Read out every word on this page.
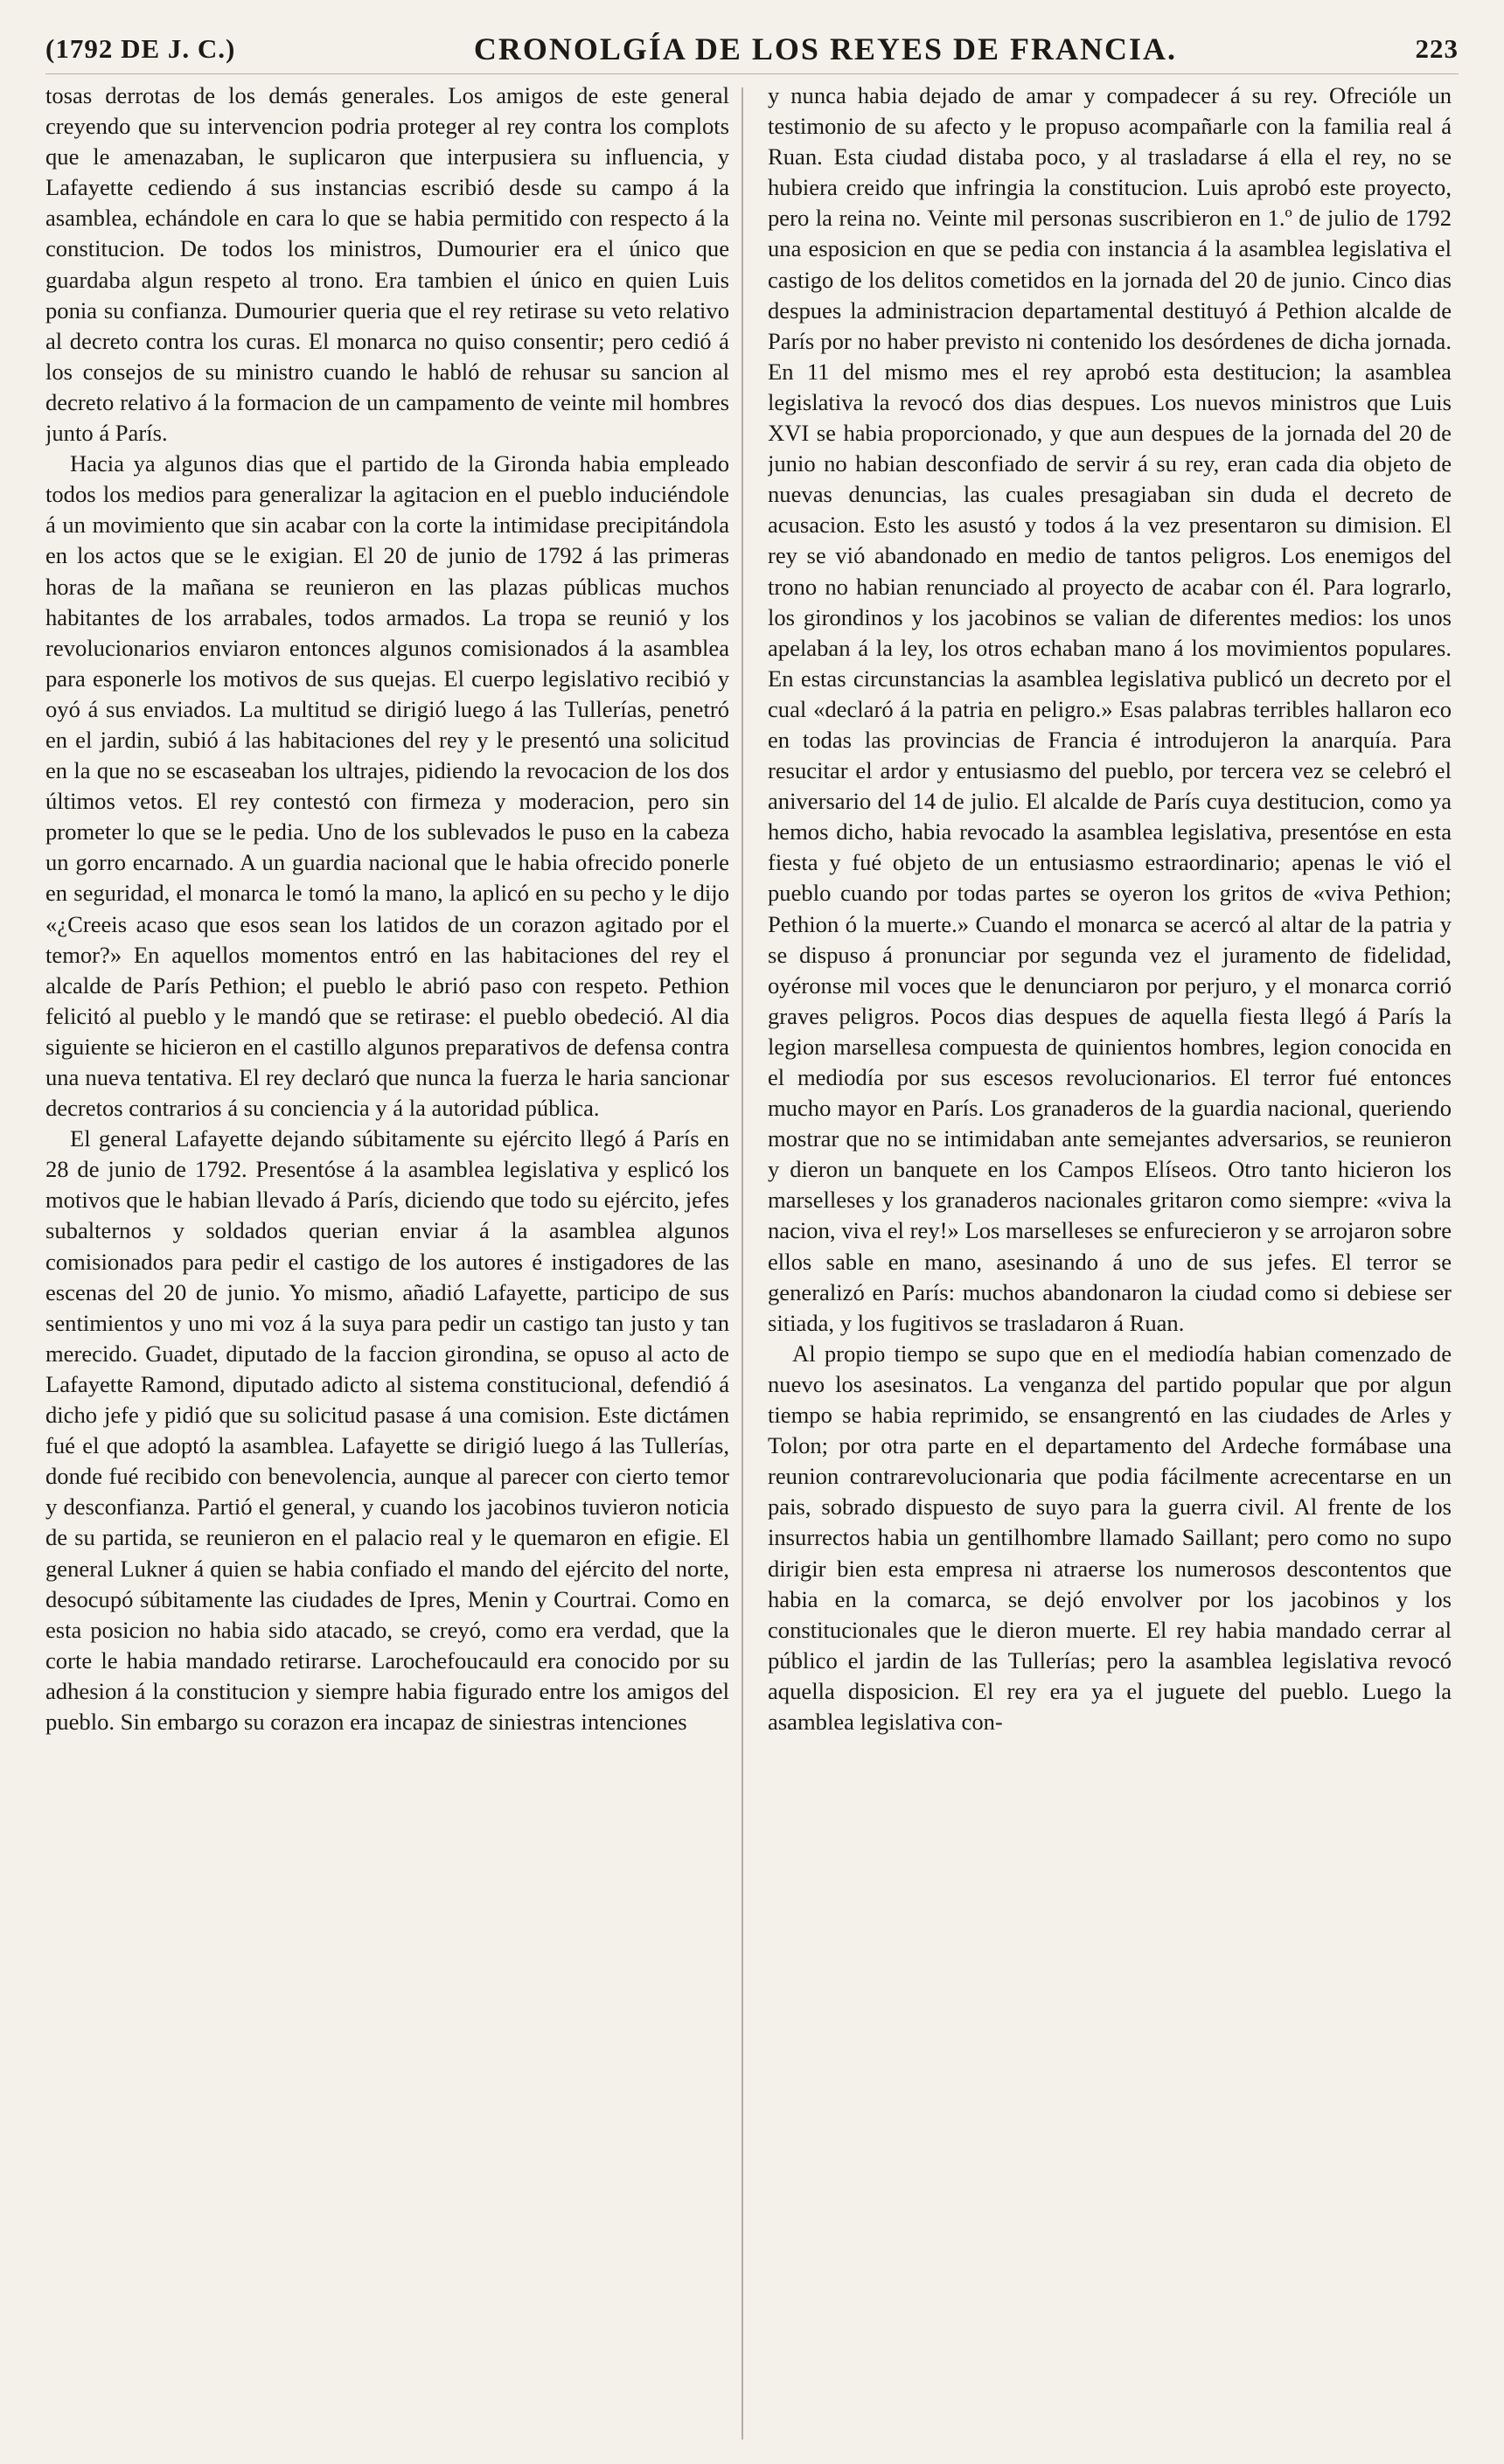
(1792 DE J. C.)	CRONOLGÍA DE LOS REYES DE FRANCIA.	223

tosas derrotas de los demás generales. Los amigos de este general creyendo que su intervencion podria proteger al rey contra los complots que le amenazaban, le suplicaron que interpusiera su influencia, y Lafayette cediendo á sus instancias escribió desde su campo á la asamblea, echándole en cara lo que se habia permitido con respecto á la constitucion. De todos los ministros, Dumourier era el único que guardaba algun respeto al trono. Era tambien el único en quien Luis ponia su confianza. Dumourier queria que el rey retirase su veto relativo al decreto contra los curas. El monarca no quiso consentir; pero cedió á los consejos de su ministro cuando le habló de rehusar su sancion al decreto relativo á la formacion de un campamento de veinte mil hombres junto á París.

Hacia ya algunos dias que el partido de la Gironda habia empleado todos los medios para generalizar la agitacion en el pueblo induciéndole á un movimiento que sin acabar con la corte la intimidase precipitándola en los actos que se le exigian. El 20 de junio de 1792 á las primeras horas de la mañana se reunieron en las plazas públicas muchos habitantes de los arrabales, todos armados. La tropa se reunió y los revolucionarios enviaron entonces algunos comisionados á la asamblea para esponerle los motivos de sus quejas. El cuerpo legislativo recibió y oyó á sus enviados. La multitud se dirigió luego á las Tullerías, penetró en el jardin, subió á las habitaciones del rey y le presentó una solicitud en la que no se escaseaban los ultrajes, pidiendo la revocacion de los dos últimos vetos. El rey contestó con firmeza y moderacion, pero sin prometer lo que se le pedia. Uno de los sublevados le puso en la cabeza un gorro encarnado. A un guardia nacional que le habia ofrecido ponerle en seguridad, el monarca le tomó la mano, la aplicó en su pecho y le dijo «¿Creeis acaso que esos sean los latidos de un corazon agitado por el temor?» En aquellos momentos entró en las habitaciones del rey el alcalde de París Pethion; el pueblo le abrió paso con respeto. Pethion felicitó al pueblo y le mandó que se retirase: el pueblo obedeció. Al dia siguiente se hicieron en el castillo algunos preparativos de defensa contra una nueva tentativa. El rey declaró que nunca la fuerza le haria sancionar decretos contrarios á su conciencia y á la autoridad pública.

El general Lafayette dejando súbitamente su ejército llegó á París en 28 de junio de 1792. Presentóse á la asamblea legislativa y esplicó los motivos que le habian llevado á París, diciendo que todo su ejército, jefes subalternos y soldados querian enviar á la asamblea algunos comisionados para pedir el castigo de los autores é instigadores de las escenas del 20 de junio. Yo mismo, añadió Lafayette, participo de sus sentimientos y uno mi voz á la suya para pedir un castigo tan justo y tan merecido. Guadet, diputado de la faccion girondina, se opuso al acto de Lafayette Ramond, diputado adicto al sistema constitucional, defendió á dicho jefe y pidió que su solicitud pasase á una comision. Este dictámen fué el que adoptó la asamblea. Lafayette se dirigió luego á las Tullerías, donde fué recibido con benevolencia, aunque al parecer con cierto temor y desconfianza. Partió el general, y cuando los jacobinos tuvieron noticia de su partida, se reunieron en el palacio real y le quemaron en efigie. El general Lukner á quien se habia confiado el mando del ejército del norte, desocupó súbitamente las ciudades de Ipres, Menin y Courtrai. Como en esta posicion no habia sido atacado, se creyó, como era verdad, que la corte le habia mandado retirarse. Larochefoucauld era conocido por su adhesion á la constitucion y siempre habia figurado entre los amigos del pueblo. Sin embargo su corazon era incapaz de siniestras intenciones

y nunca habia dejado de amar y compadecer á su rey. Ofrecióle un testimonio de su afecto y le propuso acompañarle con la familia real á Ruan. Esta ciudad distaba poco, y al trasladarse á ella el rey, no se hubiera creido que infringia la constitucion. Luis aprobó este proyecto, pero la reina no. Veinte mil personas suscribieron en 1.º de julio de 1792 una esposicion en que se pedia con instancia á la asamblea legislativa el castigo de los delitos cometidos en la jornada del 20 de junio. Cinco dias despues la administracion departamental destituyó á Pethion alcalde de París por no haber previsto ni contenido los desórdenes de dicha jornada. En 11 del mismo mes el rey aprobó esta destitucion; la asamblea legislativa la revocó dos dias despues. Los nuevos ministros que Luis XVI se habia proporcionado, y que aun despues de la jornada del 20 de junio no habian desconfiado de servir á su rey, eran cada dia objeto de nuevas denuncias, las cuales presagiaban sin duda el decreto de acusacion. Esto les asustó y todos á la vez presentaron su dimision. El rey se vió abandonado en medio de tantos peligros. Los enemigos del trono no habian renunciado al proyecto de acabar con él. Para lograrlo, los girondinos y los jacobinos se valian de diferentes medios: los unos apelaban á la ley, los otros echaban mano á los movimientos populares. En estas circunstancias la asamblea legislativa publicó un decreto por el cual «declaró á la patria en peligro.» Esas palabras terribles hallaron eco en todas las provincias de Francia é introdujeron la anarquía. Para resucitar el ardor y entusiasmo del pueblo, por tercera vez se celebró el aniversario del 14 de julio. El alcalde de París cuya destitucion, como ya hemos dicho, habia revocado la asamblea legislativa, presentóse en esta fiesta y fué objeto de un entusiasmo estraordinario; apenas le vió el pueblo cuando por todas partes se oyeron los gritos de «viva Pethion; Pethion ó la muerte.» Cuando el monarca se acercó al altar de la patria y se dispuso á pronunciar por segunda vez el juramento de fidelidad, oyéronse mil voces que le denunciaron por perjuro, y el monarca corrió graves peligros. Pocos dias despues de aquella fiesta llegó á París la legion marsellesa compuesta de quinientos hombres, legion conocida en el mediodía por sus escesos revolucionarios. El terror fué entonces mucho mayor en París. Los granaderos de la guardia nacional, queriendo mostrar que no se intimidaban ante semejantes adversarios, se reunieron y dieron un banquete en los Campos Elíseos. Otro tanto hicieron los marselleses y los granaderos nacionales gritaron como siempre: «viva la nacion, viva el rey!» Los marselleses se enfurecieron y se arrojaron sobre ellos sable en mano, asesinando á uno de sus jefes. El terror se generalizó en París: muchos abandonaron la ciudad como si debiese ser sitiada, y los fugitivos se trasladaron á Ruan.

Al propio tiempo se supo que en el mediodía habian comenzado de nuevo los asesinatos. La venganza del partido popular que por algun tiempo se habia reprimido, se ensangrentó en las ciudades de Arles y Tolon; por otra parte en el departamento del Ardeche formábase una reunion contrarevolucionaria que podia fácilmente acrecentarse en un pais, sobrado dispuesto de suyo para la guerra civil. Al frente de los insurrectos habia un gentilhombre llamado Saillant; pero como no supo dirigir bien esta empresa ni atraerse los numerosos descontentos que habia en la comarca, se dejó envolver por los jacobinos y los constitucionales que le dieron muerte. El rey habia mandado cerrar al público el jardin de las Tullerías; pero la asamblea legislativa revocó aquella disposicion. El rey era ya el juguete del pueblo. Luego la asamblea legislativa con-
